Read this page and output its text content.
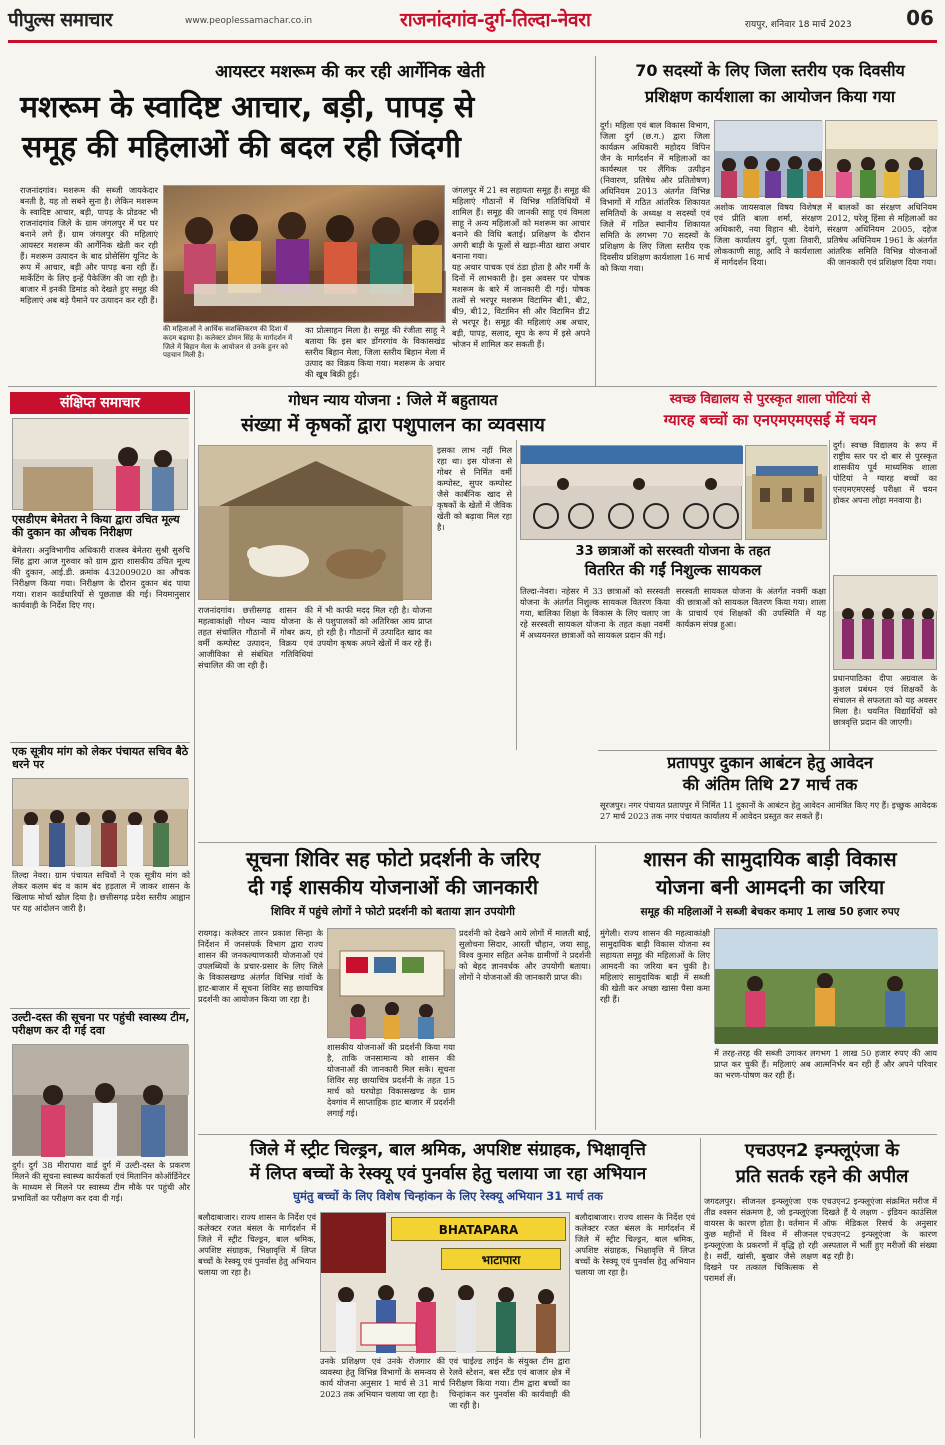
पीपुल्स समाचार	www.peoplessamachar.co.in	राजनांदगांव-दुर्ग-तिल्दा-नेवरा	रायपुर, शनिवार 18 मार्च 2023	06
आयस्टर मशरूम की कर रही आर्गेनिक खेती
मशरूम के स्वादिष्ट आचार, बड़ी, पापड़ से
समूह की महिलाओं की बदल रही जिंदगी
राजनांदगांव। मशरूम की सब्जी जायकेदार बनती है, यह तो सबने सुना है। लेकिन मशरूम के स्वादिष्ट आचार, बड़ी, पापड़ के प्रोडक्ट भी राजनांदगांव जिले के ग्राम जंगलपुर में घर घर बनाने लगे हैं। ग्राम जंगलपुर की महिलाएं आयस्टर मशरूम की आर्गेनिक खेती कर रही हैं। मशरूम उत्पादन के बाद प्रोसेसिंग यूनिट के रूप में आचार, बड़ी और पापड़ बना रही हैं। मार्केटिंग के लिए इन्हें पैकेजिंग की जा रही है। बाजार में इनकी डिमांड को देखते हुए समूह की महिलाएं अब बड़े पैमाने पर उत्पादन कर रही हैं।
की महिलाओं ने आर्थिक सशक्तिकरण की दिशा में कदम बढ़ाया है। कलेक्टर डोमन सिंह के मार्गदर्शन में जिले में बिहान मेला के आयोजन से उनके हुनर को पहचान मिली है।
का प्रोत्साहन मिला है। समूह की रंजीता साहू ने बताया कि इस बार डोंगरगांव के विकासखंड स्तरीय बिहान मेला, जिला स्तरीय बिहान मेला में उत्पाद का विक्रय किया गया। मशरूम के अचार की खूब बिक्री हुई।
जंगलपुर में 21 स्व सहायता समूह हैं। समूह की महिलाएं गौठानों में विभिन्न गतिविधियों में शामिल हैं। समूह की जानकी साहू एवं विमला साहू ने अन्य महिलाओं को मशरूम का आचार बनाने की विधि बताई। प्रशिक्षण के दौरान अगरी बाड़ी के फूलों से खड़ा-मीठा खारा अचार बनाना गया।
यह अचार पाचक एवं ठंडा होता है और गर्मी के दिनों में लाभकारी है। इस अवसर पर पोषक मशरूम के बारे में जानकारी दी गई। पोषक तत्वों से भरपूर मशरूम विटामिन बी1, बी2, बी9, बी12, विटामिन सी और विटामिन डी2 से भरपूर है। समूह की महिलाएं अब अचार, बड़ी, पापड़, सलाद, सूप के रूप में इसे अपने भोजन में शामिल कर सकती हैं।
70 सदस्यों के लिए जिला स्तरीय एक दिवसीय
प्रशिक्षण कार्यशाला का आयोजन किया गया
दुर्ग। महिला एवं बाल विकास विभाग, जिला दुर्ग (छ.ग.) द्वारा जिला कार्यक्रम अधिकारी महोदय विपिन जैन के मार्गदर्शन में महिलाओं का कार्यस्थल पर लैंगिक उत्पीड़न (निवारण, प्रतिषेध और प्रतितोषण) अधिनियम 2013 अंतर्गत विभिन्न विभागों में गठित आंतरिक शिकायत समितियों के अध्यक्ष व सदस्यों एवं जिले में गठित स्थानीय शिकायत समिति के लगभग 70 सदस्यों के प्रशिक्षण के लिए जिला स्तरीय एक दिवसीय प्रशिक्षण कार्यशाला 16 मार्च को किया गया।
अशोक जायसवाल विषय विशेषज्ञ एवं प्रीति बाला शर्मा, संरक्षण अधिकारी, नया विहान श्री. देवांगे, जिला कार्यालय दुर्ग, पूजा तिवारी, लोककाणी साहू, आदि ने कार्यशाला में मार्गदर्शन दिया।
में बालकों का संरक्षण अधिनियम 2012, घरेलू हिंसा से महिलाओं का संरक्षण अधिनियम 2005, दहेज प्रतिषेध अधिनियम 1961 के अंतर्गत आंतरिक समिति विभिन्न योजनाओं की जानकारी एवं प्रशिक्षण दिया गया।
संक्षिप्त समाचार
एसडीएम बेमेतरा ने किया द्वारा उचित मूल्य की दुकान का औचक निरीक्षण
बेमेतरा। अनुविभागीय अधिकारी राजस्व बेमेतरा सुश्री सुरुचि सिंह द्वारा आज गुरुवार को ग्राम द्वारा शासकीय उचित मूल्य की दुकान, आई.डी. क्रमांक 432009020 का औचक निरीक्षण किया गया। निरीक्षण के दौरान दुकान बंद पाया गया। राशन कार्डधारियों से पूछताछ की गई। नियमानुसार कार्यवाही के निर्देश दिए गए।
एक सूत्रीय मांग को लेकर पंचायत सचिव बैठे धरने पर
तिल्दा नेवरा। ग्राम पंचायत सचिवों ने एक सूत्रीय मांग को लेकर कलम बंद व काम बंद हड़ताल में जाकर शासन के खिलाफ मोर्चा खोल दिया है। छत्तीसगढ़ प्रदेश स्तरीय आह्वान पर यह आंदोलन जारी है।
उल्टी-दस्त की सूचना पर पहुंची स्वास्थ्य टीम, परीक्षण कर दी गई दवा
दुर्ग। दुर्ग 38 मीरापारा वार्ड दुर्ग में उल्टी-दस्त के प्रकरण मिलने की सूचना स्वास्थ्य कार्यकर्ता एवं मितानिन कोऑर्डिनेटर के माध्यम से मिलने पर स्वास्थ्य टीम मौके पर पहुंची और प्रभावितों का परीक्षण कर दवा दी गई।
गोधन न्याय योजना : जिले में बहुतायत
संख्या में कृषकों द्वारा पशुपालन का व्यवसाय
राजनांदगांव। छत्तीसगढ़ शासन की महत्वाकांक्षी गोधन न्याय योजना के तहत संचालित गौठानों में गोबर क्रय, वर्मी कम्पोस्ट उत्पादन, विक्रय एवं आजीविका से संबंधित गतिविधियां संचालित की जा रही हैं।
में भी काफी मदद मिल रही है। योजना से पशुपालकों को अतिरिक्त आय प्राप्त हो रही है। गौठानों में उत्पादित खाद का उपयोग कृषक अपने खेतों में कर रहे हैं।
इसका लाभ नहीं मिल रहा था। इस योजना से गोबर से निर्मित वर्मी कम्पोस्ट, सुपर कम्पोस्ट जैसे कार्बनिक खाद से कृषकों के खेतों में जैविक खेती को बढ़ावा मिल रहा है।
33 छात्राओं को सरस्वती योजना के तहत
वितरित की गईं निशुल्क सायकल
तिल्दा-नेवरा। नहेसर में 33 छात्राओं को सरस्वती योजना के अंतर्गत निशुल्क सायकल वितरण किया गया, बालिका शिक्षा के विकास के लिए चलाए जा रहे सरस्वती सायकल योजना के तहत कक्षा नवमीं में अध्ययनरत छात्राओं को सायकल प्रदान की गई।
सरस्वती सायकल योजना के अंतर्गत नवमीं कक्षा की छात्राओं को सायकल वितरण किया गया। शाला के प्राचार्य एवं शिक्षकों की उपस्थिति में यह कार्यक्रम संपन्न हुआ।
स्वच्छ विद्यालय से पुरस्कृत शाला पोटियां से
ग्यारह बच्चों का एनएमएमएसई में चयन
दुर्ग। स्वच्छ विद्यालय के रूप में राष्ट्रीय स्तर पर दो बार से पुरस्कृत शासकीय पूर्व माध्यमिक शाला पोटियां ने ग्यारह बच्चों का एनएमएमएसई परीक्षा में चयन होकर अपना लोहा मनवाया है।
प्रधानपाठिका दीपा अग्रवाल के कुशल प्रबंधन एवं शिक्षकों के संचालन से सफलता को यह अवसर मिला है। चयनित विद्यार्थियों को छात्रवृत्ति प्रदान की जाएगी।
प्रतापपुर दुकान आबंटन हेतु आवेदन
की अंतिम तिथि 27 मार्च तक
सूरजपुर। नगर पंचायत प्रतापपुर में निर्मित 11 दुकानों के आबंटन हेतु आवेदन आमंत्रित किए गए हैं। इच्छुक आवेदक 27 मार्च 2023 तक नगर पंचायत कार्यालय में आवेदन प्रस्तुत कर सकते हैं।
सूचना शिविर सह फोटो प्रदर्शनी के जरिए
दी गई शासकीय योजनाओं की जानकारी
शिविर में पहुंचे लोगों ने फोटो प्रदर्शनी को बताया ज्ञान उपयोगी
रायगढ़। कलेक्टर तारन प्रकाश सिन्हा के निर्देशन में जनसंपर्क विभाग द्वारा राज्य शासन की जनकल्याणकारी योजनाओं एवं उपलब्धियों के प्रचार-प्रसार के लिए जिले के विकासखण्ड अंतर्गत विभिन्न गांवों के हाट-बाजार में सूचना शिविर सह छायाचित्र प्रदर्शनी का आयोजन किया जा रहा है।
शासकीय योजनाओं की प्रदर्शनी किया गया है, ताकि जनसामान्य को शासन की योजनाओं की जानकारी मिल सके। सूचना शिविर सह छायाचित्र प्रदर्शनी के तहत 15 मार्च को घरघोड़ा विकासखण्ड के ग्राम देवगांव में साप्ताहिक हाट बाजार में प्रदर्शनी लगाई गई।
प्रदर्शनी को देखने आये लोगों में मालती बाई, सुलोचना सिदार, आरती चौहान, जया साहू, विश्व कुमार सहित अनेक ग्रामीणों ने प्रदर्शनी को बेहद ज्ञानवर्धक और उपयोगी बताया। लोगों ने योजनाओं की जानकारी प्राप्त की।
शासन की सामुदायिक बाड़ी विकास
योजना बनी आमदनी का जरिया
समूह की महिलाओं ने सब्जी बेचकर कमाए 1 लाख 50 हजार रुपए
मुंगेली। राज्य शासन की महत्वाकांक्षी सामुदायिक बाड़ी विकास योजना स्व सहायता समूह की महिलाओं के लिए आमदनी का जरिया बन चुकी है। महिलाएं सामुदायिक बाड़ी में सब्जी की खेती कर अच्छा खासा पैसा कमा रही हैं।
में तरह-तरह की सब्जी उगाकर लगभग 1 लाख 50 हजार रुपए की आय प्राप्त कर चुकी हैं। महिलाएं अब आत्मनिर्भर बन रही हैं और अपने परिवार का भरण-पोषण कर रही हैं।
जिले में स्ट्रीट चिल्ड्रन, बाल श्रमिक, अपशिष्ट संग्राहक, भिक्षावृत्ति
में लिप्त बच्चों के रेस्क्यू एवं पुनर्वास हेतु चलाया जा रहा अभियान
घुमंतु बच्चों के लिए विशेष चिन्हांकन के लिए रेस्क्यू अभियान 31 मार्च तक
बलौदाबाजार। राज्य शासन के निर्देश एवं कलेक्टर रजत बंसल के मार्गदर्शन में जिले में स्ट्रीट चिल्ड्रन, बाल श्रमिक, अपशिष्ट संग्राहक, भिक्षावृत्ति में लिप्त बच्चों के रेस्क्यू एवं पुनर्वास हेतु अभियान चलाया जा रहा है।
BHATAPARA
भाटापारा
उनके प्रशिक्षण एवं उनके रोजगार की व्यवस्था हेतु विभिन्न विभागों के समन्वय से कार्य योजना अनुसार 1 मार्च से 31 मार्च 2023 तक अभियान चलाया जा रहा है।
एवं चाईल्ड लाईन के संयुक्त टीम द्वारा रेलवे स्टेशन, बस स्टैंड एवं बाजार क्षेत्र में निरीक्षण किया गया। टीम द्वारा बच्चों का चिन्हांकन कर पुनर्वास की कार्यवाही की जा रही है।
बलौदाबाजार। राज्य शासन के निर्देश एवं कलेक्टर रजत बंसल के मार्गदर्शन में जिले में स्ट्रीट चिल्ड्रन, बाल श्रमिक, अपशिष्ट संग्राहक, भिक्षावृत्ति में लिप्त बच्चों के रेस्क्यू एवं पुनर्वास हेतु अभियान चलाया जा रहा है।
एचउएन2 इन्फ्लूएंजा के
प्रति सतर्क रहने की अपील
जगदलपुर। सीजनल इन्फ्लूएंजा एक तीव्र श्वसन संक्रमण है, जो इन्फ्लूएंजा वायरस के कारण होता है। वर्तमान में कुछ महीनों में विश्व में सीजनल इन्फ्लूएंजा के प्रकरणों में वृद्धि हो रही है। सर्दी, खांसी, बुखार जैसे लक्षण दिखने पर तत्काल चिकित्सक से परामर्श लें।
एचउएन2 इन्फ्लूएंजा संक्रमित मरीज में दिखते हैं ये लक्षण - इंडियन काउंसिल ऑफ मेडिकल रिसर्च के अनुसार एचउएन2 इन्फ्लूएंजा के कारण अस्पताल में भर्ती हुए मरीजों की संख्या बढ़ रही है।
